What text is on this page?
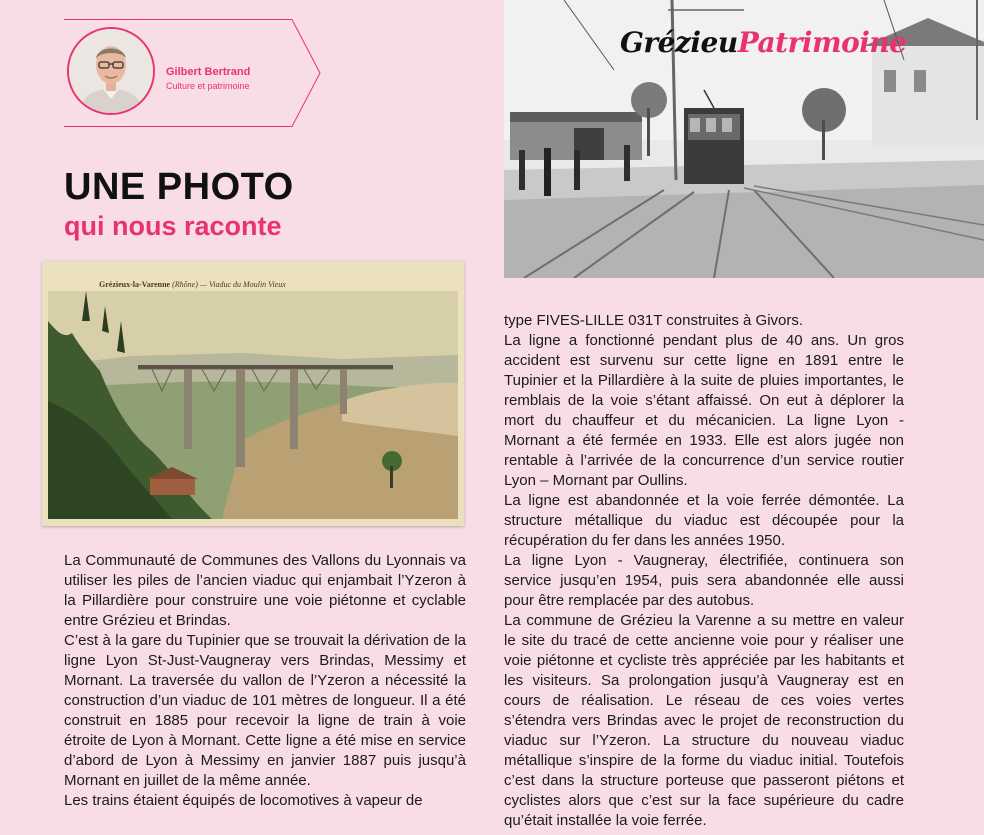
Gilbert Bertrand
Culture et patrimoine
UNE PHOTO
qui nous raconte
Grézieux-la-Varenne (Rhône) — Viaduc du Moulin Vieux
GrézieuPatrimoine

La Communauté de Communes des Vallons du Lyonnais va utiliser les piles de l’ancien viaduc qui enjambait l’Yzeron à la Pillardière pour construire une voie piétonne et cyclable entre Grézieu et Brindas.

C’est à la gare du Tupinier que se trouvait la dérivation de la ligne Lyon St-Just-Vaugneray vers Brindas, Messimy et Mornant. La traversée du vallon de l’Yzeron a nécessité la construction d’un viaduc de 101 mètres de longueur. Il a été construit en 1885 pour recevoir la ligne de train à voie étroite de Lyon à Mornant. Cette ligne a été mise en service d’abord de Lyon à Messimy en janvier 1887 puis jusqu’à Mornant en juillet de la même année.

Les trains étaient équipés de locomotives à vapeur de

type FIVES-LILLE 031T construites à Givors.

La ligne a fonctionné pendant plus de 40 ans. Un gros accident est survenu sur cette ligne en 1891 entre le Tupinier et la Pillardière à la suite de pluies importantes, le remblais de la voie s’étant affaissé. On eut à déplorer la mort du chauffeur et du mécanicien. La ligne Lyon - Mornant a été fermée en 1933. Elle est alors jugée non rentable à l’arrivée de la concurrence d’un service routier Lyon – Mornant par Oullins.

La ligne est abandonnée et la voie ferrée démontée. La structure métallique du viaduc est découpée pour la récupération du fer dans les années 1950.

La ligne Lyon - Vaugneray, électrifiée, continuera son service jusqu’en 1954, puis sera abandonnée elle aussi pour être remplacée par des autobus.

La commune de Grézieu la Varenne a su mettre en valeur le site du tracé de cette ancienne voie pour y réaliser une voie piétonne et cycliste très appréciée par les habitants et les visiteurs. Sa prolongation jusqu’à Vaugneray est en cours de réalisation. Le réseau de ces voies vertes s’étendra vers Brindas avec le projet de reconstruction du viaduc sur l’Yzeron. La structure du nouveau viaduc métallique s’inspire de la forme du viaduc initial. Toutefois c’est dans la structure porteuse que passeront piétons et cyclistes alors que c’est sur la face supérieure du cadre qu’était installée la voie ferrée.
